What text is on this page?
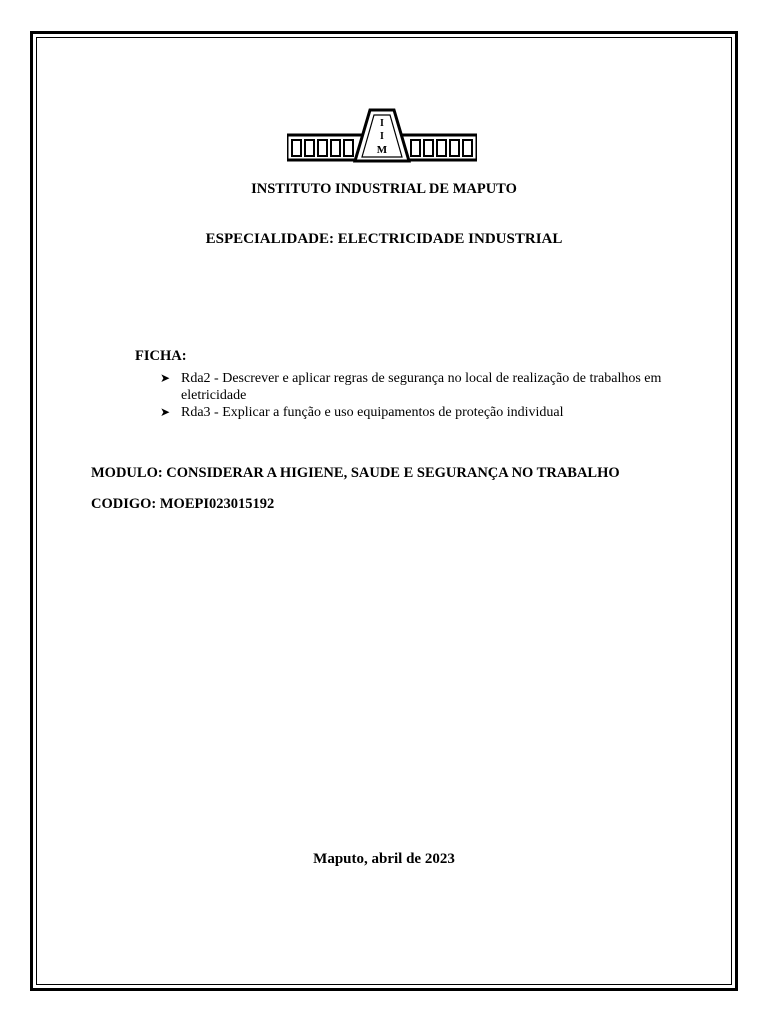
I
I
M
INSTITUTO INDUSTRIAL DE MAPUTO
ESPECIALIDADE: ELECTRICIDADE INDUSTRIAL
FICHA:
➤ Rda2 - Descrever e aplicar regras de segurança no local de realização de trabalhos em eletricidade
➤ Rda3 - Explicar a função e uso equipamentos de proteção individual
MODULO: CONSIDERAR A HIGIENE, SAUDE E SEGURANÇA NO TRABALHO
CODIGO: MOEPI023015192
Maputo, abril de 2023
